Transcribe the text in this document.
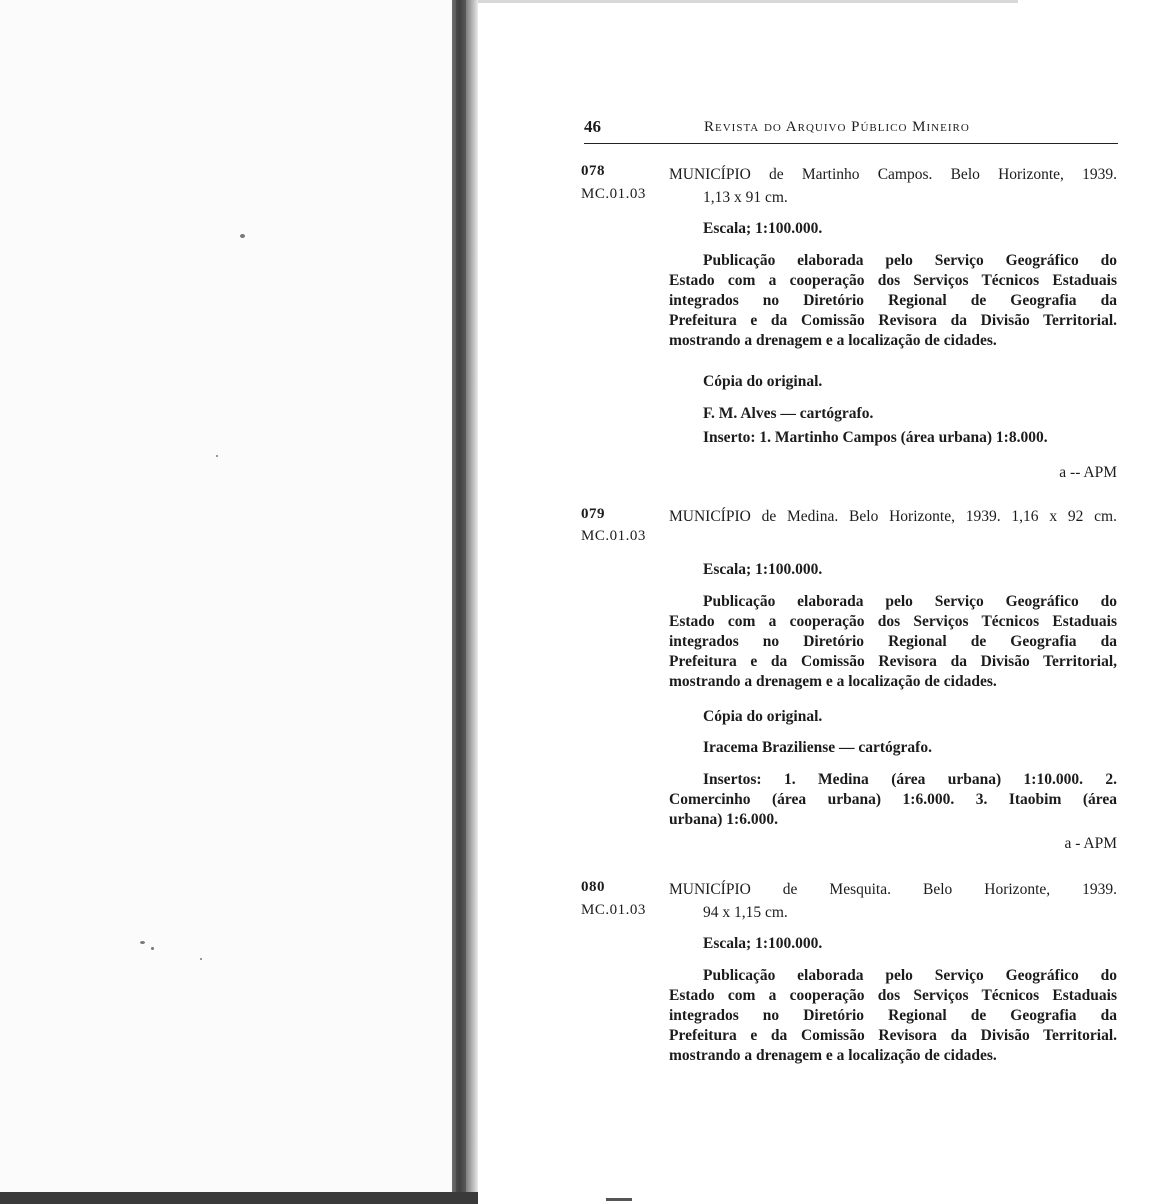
46	Revista do Arquivo Público Mineiro
078
MC.01.03
MUNICÍPIO de Martinho Campos. Belo Horizonte, 1939.
1,13 x 91 cm.
Escala; 1:100.000.

Publicação elaborada pelo Serviço Geográfico do

Estado com a cooperação dos Serviços Técnicos Estaduais

integrados no Diretório Regional de Geografia da

Prefeitura e da Comissão Revisora da Divisão Territorial.

mostrando a drenagem e a localização de cidades.

Cópia do original.
F. M. Alves — cartógrafo.
Inserto: 1. Martinho Campos (área urbana) 1:8.000.
a -- APM
079
MC.01.03
MUNICÍPIO de Medina. Belo Horizonte, 1939. 1,16 x 92 cm.
Escala; 1:100.000.

Publicação elaborada pelo Serviço Geográfico do

Estado com a cooperação dos Serviços Técnicos Estaduais

integrados no Diretório Regional de Geografia da

Prefeitura e da Comissão Revisora da Divisão Territorial,

mostrando a drenagem e a localização de cidades.

Cópia do original.
Iracema Braziliense — cartógrafo.

Insertos: 1. Medina (área urbana) 1:10.000. 2.

Comercinho (área urbana) 1:6.000. 3. Itaobim (área

urbana) 1:6.000.

a - APM
080
MC.01.03
MUNICÍPIO de Mesquita. Belo Horizonte, 1939.
94 x 1,15 cm.
Escala; 1:100.000.

Publicação elaborada pelo Serviço Geográfico do

Estado com a cooperação dos Serviços Técnicos Estaduais

integrados no Diretório Regional de Geografia da

Prefeitura e da Comissão Revisora da Divisão Territorial.

mostrando a drenagem e a localização de cidades.
